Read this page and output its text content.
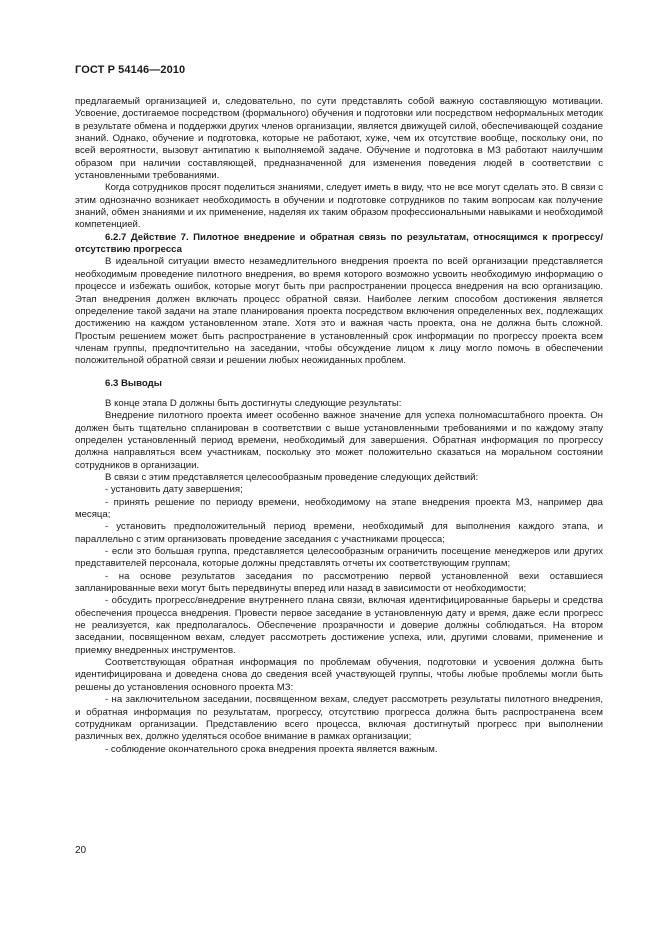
ГОСТ Р 54146—2010

предлагаемый организацией и, следовательно, по сути представлять собой важную составляющую мотивации. Усвоение, достигаемое посредством (формального) обучения и подготовки или посредством неформальных методик в результате обмена и поддержки других членов организации, является движущей силой, обеспечивающей создание знаний. Однако, обучение и подготовка, которые не работают, хуже, чем их отсутствие вообще, поскольку они, по всей вероятности, вызовут антипатию к выполняемой задаче. Обучение и подготовка в МЗ работают наилучшим образом при наличии составляющей, предназначенной для изменения поведения людей в соответствии с установленными требованиями.

Когда сотрудников просят поделиться знаниями, следует иметь в виду, что не все могут сделать это. В связи с этим однозначно возникает необходимость в обучении и подготовке сотрудников по таким вопросам как получение знаний, обмен знаниями и их применение, наделяя их таким образом профессиональными навыками и необходимой компетенцией.

6.2.7 Действие 7. Пилотное внедрение и обратная связь по результатам, относящимся к прогрессу/отсутствию прогресса

В идеальной ситуации вместо незамедлительного внедрения проекта по всей организации представляется необходимым проведение пилотного внедрения, во время которого возможно усвоить необходимую информацию о процессе и избежать ошибок, которые могут быть при распространении процесса внедрения на всю организацию. Этап внедрения должен включать процесс обратной связи. Наиболее легким способом достижения является определение такой задачи на этапе планирования проекта посредством включения определенных вех, подлежащих достижению на каждом установленном этапе. Хотя это и важная часть проекта, она не должна быть сложной. Простым решением может быть распространение в установленный срок информации по прогрессу проекта всем членам группы, предпочтительно на заседании, чтобы обсуждение лицом к лицу могло помочь в обеспечении положительной обратной связи и решении любых неожиданных проблем.

6.3 Выводы

В конце этапа D должны быть достигнуты следующие результаты:

Внедрение пилотного проекта имеет особенно важное значение для успеха полномасштабного проекта. Он должен быть тщательно спланирован в соответствии с выше установленными требованиями и по каждому этапу определен установленный период времени, необходимый для завершения. Обратная информация по прогрессу должна направляться всем участникам, поскольку это может положительно сказаться на моральном состоянии сотрудников в организации.

В связи с этим представляется целесообразным проведение следующих действий:

- установить дату завершения;

- принять решение по периоду времени, необходимому на этапе внедрения проекта МЗ, например два месяца;

- установить предположительный период времени, необходимый для выполнения каждого этапа, и параллельно с этим организовать проведение заседания с участниками процесса;

- если это большая группа, представляется целесообразным ограничить посещение менеджеров или других представителей персонала, которые должны представлять отчеты их соответствующим группам;

- на основе результатов заседания по рассмотрению первой установленной вехи оставшиеся запланированные вехи могут быть передвинуты вперед или назад в зависимости от необходимости;

- обсудить прогресс/внедрение внутреннего плана связи, включая идентифицированные барьеры и средства обеспечения процесса внедрения. Провести первое заседание в установленную дату и время, даже если прогресс не реализуется, как предполагалось. Обеспечение прозрачности и доверие должны соблюдаться. На втором заседании, посвященном вехам, следует рассмотреть достижение успеха, или, другими словами, применение и приемку внедренных инструментов.

Соответствующая обратная информация по проблемам обучения, подготовки и усвоения должна быть идентифицирована и доведена снова до сведения всей участвующей группы, чтобы любые проблемы могли быть решены до установления основного проекта МЗ:

- на заключительном заседании, посвященном вехам, следует рассмотреть результаты пилотного внедрения, и обратная информация по результатам, прогрессу, отсутствию прогресса должна быть распространена всем сотрудникам организации. Представлению всего процесса, включая достигнутый прогресс при выполнении различных вех, должно уделяться особое внимание в рамках организации;

- соблюдение окончательного срока внедрения проекта является важным.

20
